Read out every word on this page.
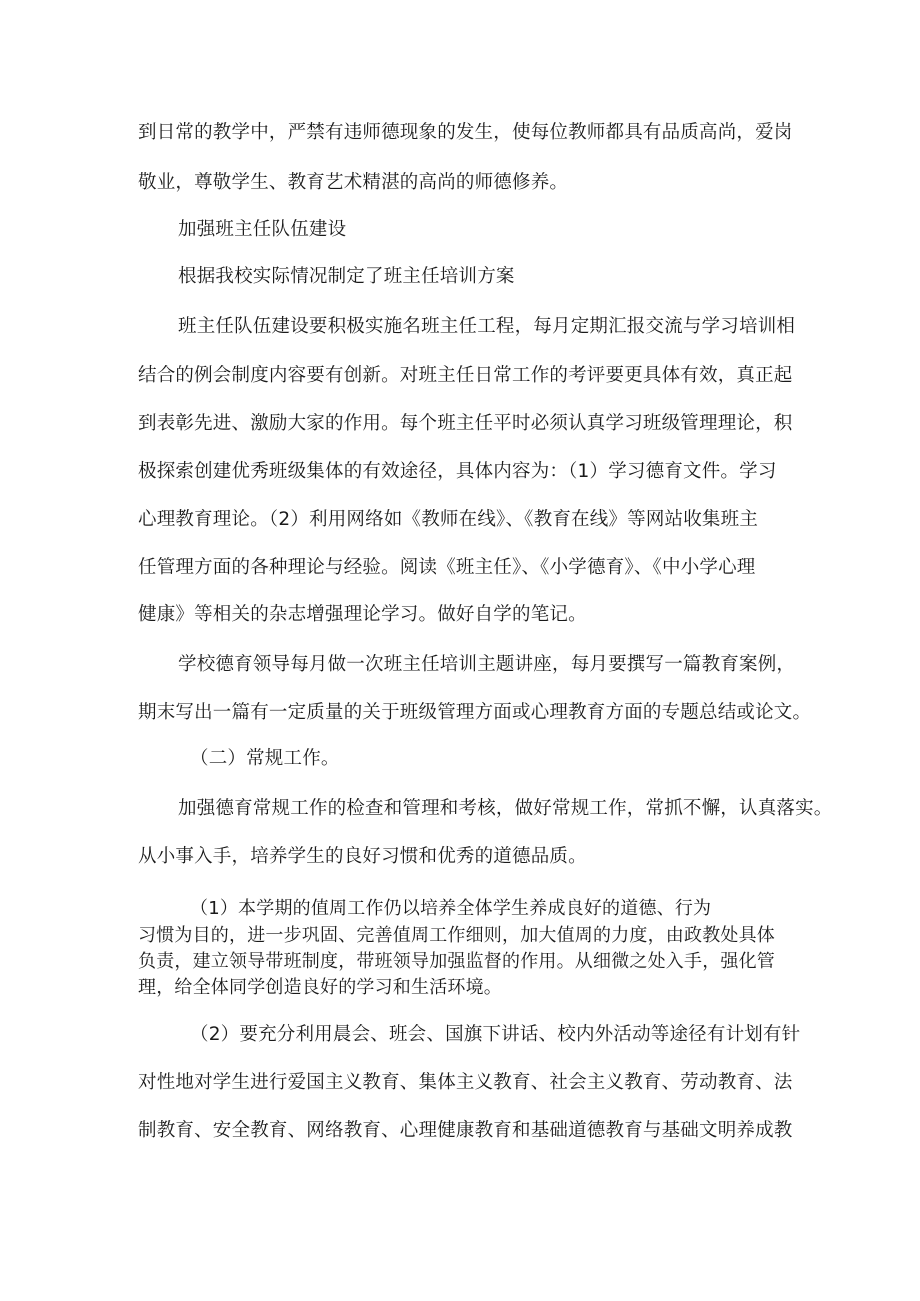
到日常的教学中，严禁有违师德现象的发生，使每位教师都具有品质高尚，爱岗
敬业，尊敬学生、教育艺术精湛的高尚的师德修养。
加强班主任队伍建设
根据我校实际情况制定了班主任培训方案
班主任队伍建设要积极实施名班主任工程，每月定期汇报交流与学习培训相
结合的例会制度内容要有创新。对班主任日常工作的考评要更具体有效，真正起
到表彰先进、激励大家的作用。每个班主任平时必须认真学习班级管理理论，积
极探索创建优秀班级集体的有效途径，具体内容为：（1）学习德育文件。学习
心理教育理论。（2）利用网络如《教师在线》、《教育在线》等网站收集班主
任管理方面的各种理论与经验。阅读《班主任》、《小学德育》、《中小学心理
健康》等相关的杂志增强理论学习。做好自学的笔记。
学校德育领导每月做一次班主任培训主题讲座，每月要撰写一篇教育案例，
期末写出一篇有一定质量的关于班级管理方面或心理教育方面的专题总结或论文。
（二）常规工作。
加强德育常规工作的检查和管理和考核，做好常规工作，常抓不懈，认真落实。
从小事入手，培养学生的良好习惯和优秀的道德品质。
（1）本学期的值周工作仍以培养全体学生养成良好的道德、行为
习惯为目的，进一步巩固、完善值周工作细则，加大值周的力度，由政教处具体
负责，建立领导带班制度，带班领导加强监督的作用。从细微之处入手，强化管
理，给全体同学创造良好的学习和生活环境。
（2）要充分利用晨会、班会、国旗下讲话、校内外活动等途径有计划有针
对性地对学生进行爱国主义教育、集体主义教育、社会主义教育、劳动教育、法
制教育、安全教育、网络教育、心理健康教育和基础道德教育与基础文明养成教
